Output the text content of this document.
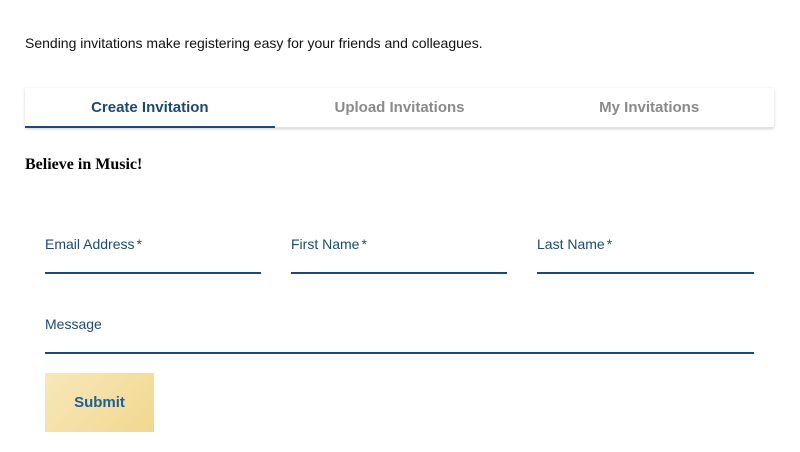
Sending invitations make registering easy for your friends and colleagues.
Create Invitation	Upload Invitations	My Invitations
Believe in Music!
Email Address *	First Name *	Last Name *
Message
Submit
